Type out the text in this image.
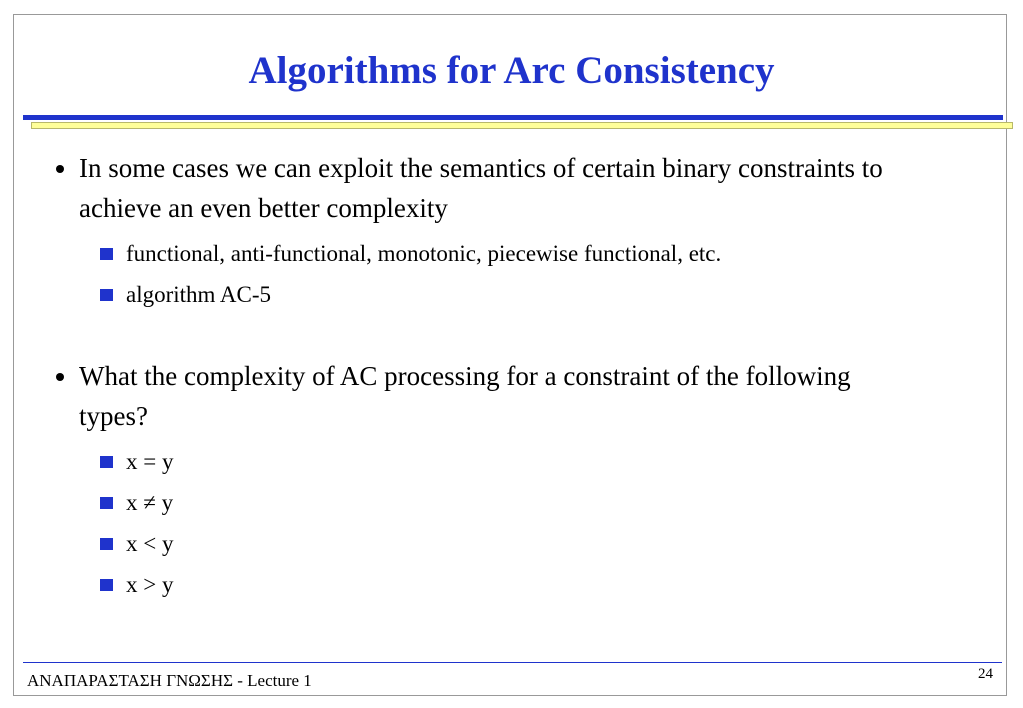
Algorithms for Arc Consistency
In some cases we can exploit the semantics of certain binary constraints to achieve an even better complexity
functional, anti-functional, monotonic, piecewise functional, etc.
algorithm AC-5
What the complexity of AC processing for a constraint of the following types?
x = y
x ≠ y
x < y
x > y
ΑΝΑΠΑΡΑΣΤΑΣΗ ΓΝΩΣΗΣ - Lecture 1	24
